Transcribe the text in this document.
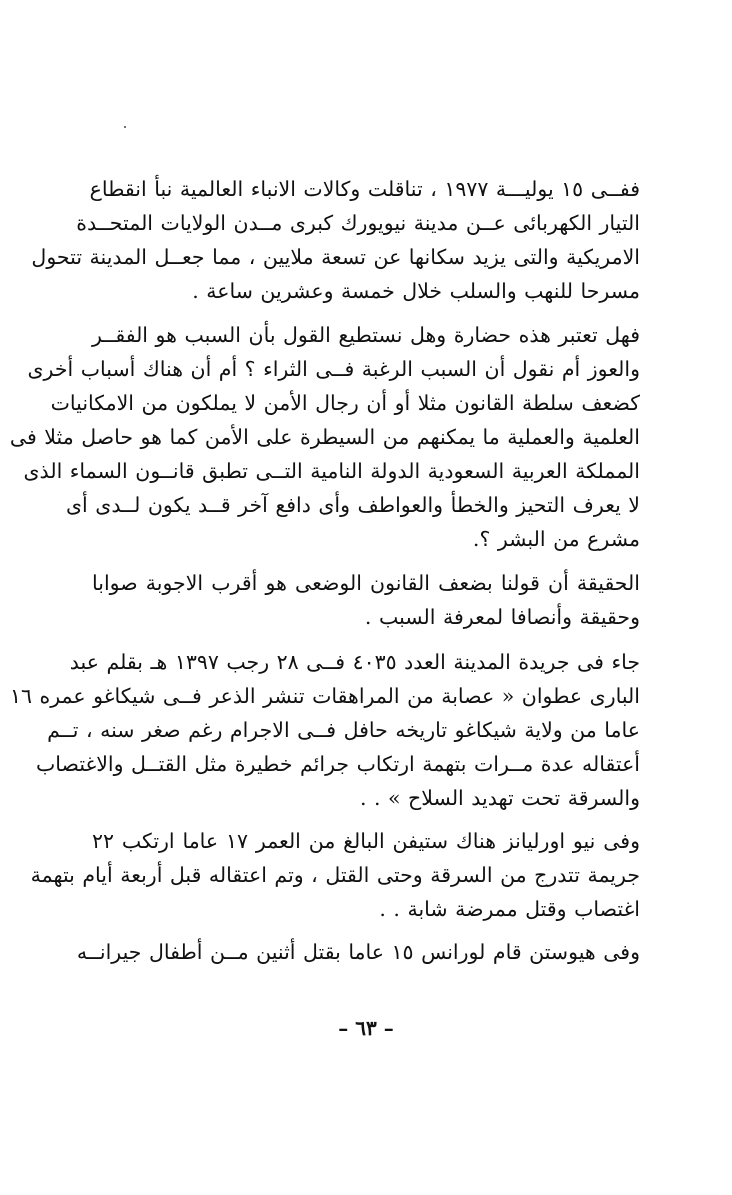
ففــى ١٥ يوليـــة ١٩٧٧ ، تناقلت وكالات الانباء العالمية نبأ انقطاع
التيار الكهربائى عــن مدينة نيويورك كبرى مــدن الولايات المتحــدة
الامريكية والتى يزيد سكانها عن تسعة ملايين ، مما جعــل المدينة تتحول
مسرحا للنهب والسلب خلال خمسة وعشرين ساعة .
فهل تعتبر هذه حضارة وهل نستطيع القول بأن السبب هو الفقــر
والعوز أم نقول أن السبب الرغبة فــى الثراء ؟ أم أن هناك أسباب أخرى
كضعف سلطة القانون مثلا أو أن رجال الأمن لا يملكون من الامكانيات
العلمية والعملية ما يمكنهم من السيطرة على الأمن كما هو حاصل مثلا فى
المملكة العربية السعودية الدولة النامية التــى تطبق قانــون السماء الذى
لا يعرف التحيز والخطأ والعواطف وأى دافع آخر قــد يكون لــدى أى
مشرع من البشر ؟.
الحقيقة أن قولنا بضعف القانون الوضعى هو أقرب الاجوبة صوابا
وحقيقة وأنصافا لمعرفة السبب .
جاء فى جريدة المدينة العدد ٤٠٣٥ فــى ٢٨ رجب ١٣٩٧ هـ بقلم عبد
البارى عطوان « عصابة من المراهقات تنشر الذعر فــى شيكاغو عمره ١٦
عاما من ولاية شيكاغو تاريخه حافل فــى الاجرام رغم صغر سنه ، تــم
أعتقاله عدة مــرات بتهمة ارتكاب جرائم خطيرة مثل القتــل والاغتصاب
والسرقة تحت تهديد السلاح » . .
وفى نيو اورليانز هناك ستيفن البالغ من العمر ١٧ عاما ارتكب ٢٢
جريمة تتدرج من السرقة وحتى القتل ، وتم اعتقاله قبل أربعة أيام بتهمة
اغتصاب وقتل ممرضة شابة . .
وفى هيوستن قام لورانس ١٥ عاما بقتل أثنين مــن أطفال جيرانــه
– ٦٣ –
